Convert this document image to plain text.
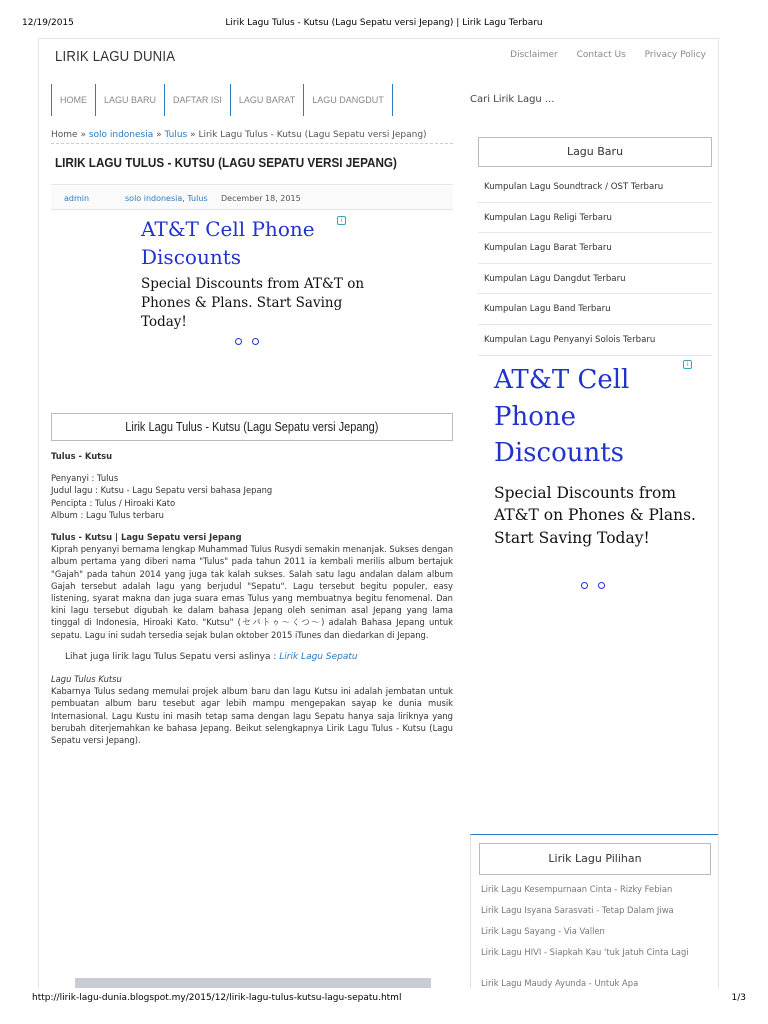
12/19/2015	Lirik Lagu Tulus - Kutsu (Lagu Sepatu versi Jepang) | Lirik Lagu Terbaru
LIRIK LAGU DUNIA	Disclaimer Contact Us Privacy Policy
HOME	LAGU BARU	DAFTAR ISI	LAGU BARAT	LAGU DANGDUT	Cari Lirik Lagu ...
Home » solo indonesia » Tulus » Lirik Lagu Tulus - Kutsu (Lagu Sepatu versi Jepang)
LIRIK LAGU TULUS - KUTSU (LAGU SEPATU VERSI JEPANG)
admin	solo indonesia, Tulus December 18, 2015
AT&T Cell Phone Discounts
Special Discounts from AT&T on Phones & Plans. Start Saving Today!
i
Lirik Lagu Tulus - Kutsu (Lagu Sepatu versi Jepang)

Tulus - Kutsu

Penyanyi : Tulus

Judul lagu : Kutsu - Lagu Sepatu versi bahasa Jepang

Pencipta : Tulus / Hiroaki Kato

Album : Lagu Tulus terbaru

Tulus - Kutsu | Lagu Sepatu versi Jepang

Kiprah penyanyi bernama lengkap Muhammad Tulus Rusydi semakin menanjak. Sukses dengan album pertama yang diberi nama "Tulus" pada tahun 2011 ia kembali merilis album bertajuk "Gajah" pada tahun 2014 yang juga tak kalah sukses. Salah satu lagu andalan dalam album Gajah tersebut adalah lagu yang berjudul "Sepatu". Lagu tersebut begitu populer, easy listening, syarat makna dan juga suara emas Tulus yang membuatnya begitu fenomenal. Dan kini lagu tersebut digubah ke dalam bahasa Jepang oleh seniman asal Jepang yang lama tinggal di Indonesia, Hiroaki Kato. "Kutsu" (セパトゥ〜くつ〜) adalah Bahasa Jepang untuk sepatu. Lagu ini sudah tersedia sejak bulan oktober 2015 iTunes dan diedarkan di Jepang.

Lihat juga lirik lagu Tulus Sepatu versi aslinya : Lirik Lagu Sepatu

Lagu Tulus Kutsu

Kabarnya Tulus sedang memulai projek album baru dan lagu Kutsu ini adalah jembatan untuk pembuatan album baru tesebut agar lebih mampu mengepakan sayap ke dunia musik Internasional. Lagu Kustu ini masih tetap sama dengan lagu Sepatu hanya saja liriknya yang berubah diterjemahkan ke bahasa Jepang. Beikut selengkapnya Lirik Lagu Tulus - Kutsu (Lagu Sepatu versi Jepang).

Lagu Baru
Kumpulan Lagu Soundtrack / OST Terbaru
Kumpulan Lagu Religi Terbaru
Kumpulan Lagu Barat Terbaru
Kumpulan Lagu Dangdut Terbaru
Kumpulan Lagu Band Terbaru
Kumpulan Lagu Penyanyi Solois Terbaru
AT&T Cell Phone Discounts
Special Discounts from AT&T on Phones & Plans. Start Saving Today!
i
Lirik Lagu Pilihan
Lirik Lagu Kesempurnaan Cinta - Rizky Febian
Lirik Lagu Isyana Sarasvati - Tetap Dalam Jiwa
Lirik Lagu Sayang - Via Vallen
Lirik Lagu HIVI - Siapkah Kau 'tuk Jatuh Cinta Lagi
Lirik Lagu Maudy Ayunda - Untuk Apa
http://lirik-lagu-dunia.blogspot.my/2015/12/lirik-lagu-tulus-kutsu-lagu-sepatu.html	1/3
